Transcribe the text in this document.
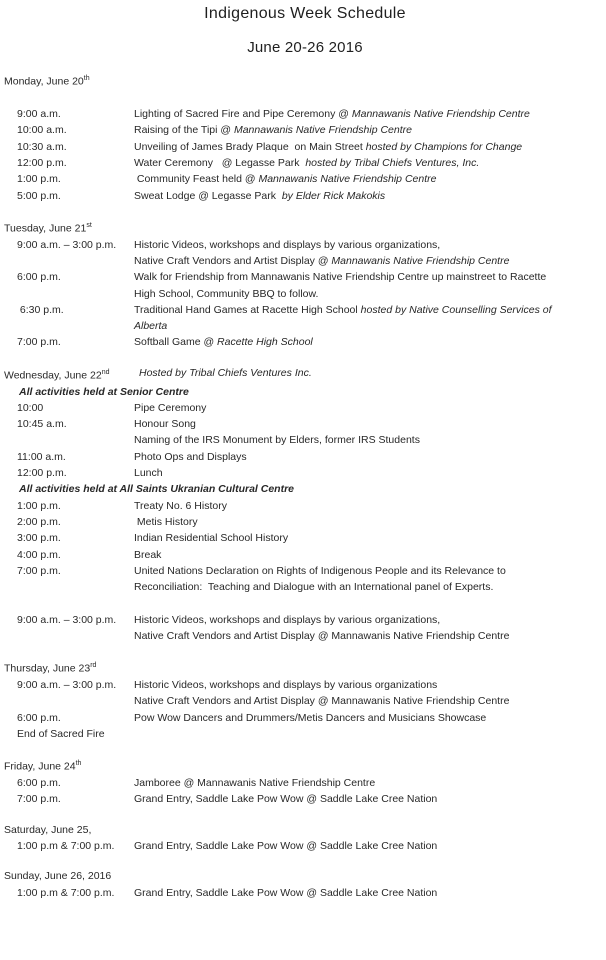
Indigenous Week Schedule
June 20-26 2016
Monday, June 20th
9:00 a.m.	Lighting of Sacred Fire and Pipe Ceremony @ Mannawanis Native Friendship Centre
10:00 a.m.	Raising of the Tipi @ Mannawanis Native Friendship Centre
10:30 a.m.	Unveiling of James Brady Plaque  on Main Street hosted by Champions for Change
12:00 p.m.	Water Ceremony   @ Legasse Park  hosted by Tribal Chiefs Ventures, Inc.
1:00 p.m.	Community Feast held @ Mannawanis Native Friendship Centre
5:00 p.m.	Sweat Lodge @ Legasse Park  by Elder Rick Makokis
Tuesday, June 21st
9:00 a.m. – 3:00 p.m.	Historic Videos, workshops and displays by various organizations,
Native Craft Vendors and Artist Display @ Mannawanis Native Friendship Centre
6:00 p.m.	Walk for Friendship from Mannawanis Native Friendship Centre up mainstreet to Racette
High School, Community BBQ to follow.
6:30 p.m.	Traditional Hand Games at Racette High School hosted by Native Counselling Services of
Alberta
7:00 p.m.	Softball Game @ Racette High School
Wednesday, June 22nd	Hosted by Tribal Chiefs Ventures Inc.
All activities held at Senior Centre
10:00	Pipe Ceremony
10:45 a.m.	Honour Song
Naming of the IRS Monument by Elders, former IRS Students
11:00 a.m.	Photo Ops and Displays
12:00 p.m.	Lunch
All activities held at All Saints Ukranian Cultural Centre
1:00 p.m.	Treaty No. 6 History
2:00 p.m.	Metis History
3:00 p.m.	Indian Residential School History
4:00 p.m.	Break
7:00 p.m.	United Nations Declaration on Rights of Indigenous People and its Relevance to
Reconciliation:  Teaching and Dialogue with an International panel of Experts.
9:00 a.m. – 3:00 p.m.	Historic Videos, workshops and displays by various organizations,
Native Craft Vendors and Artist Display @ Mannawanis Native Friendship Centre
Thursday, June 23rd
9:00 a.m. – 3:00 p.m.	Historic Videos, workshops and displays by various organizations
Native Craft Vendors and Artist Display @ Mannawanis Native Friendship Centre
6:00 p.m.	Pow Wow Dancers and Drummers/Metis Dancers and Musicians Showcase
End of Sacred Fire
Friday, June 24th
6:00 p.m.	Jamboree @ Mannawanis Native Friendship Centre
7:00 p.m.	Grand Entry, Saddle Lake Pow Wow @ Saddle Lake Cree Nation
Saturday, June 25,
1:00 p.m & 7:00 p.m.	Grand Entry, Saddle Lake Pow Wow @ Saddle Lake Cree Nation
Sunday, June 26, 2016
1:00 p.m & 7:00 p.m.	Grand Entry, Saddle Lake Pow Wow @ Saddle Lake Cree Nation
